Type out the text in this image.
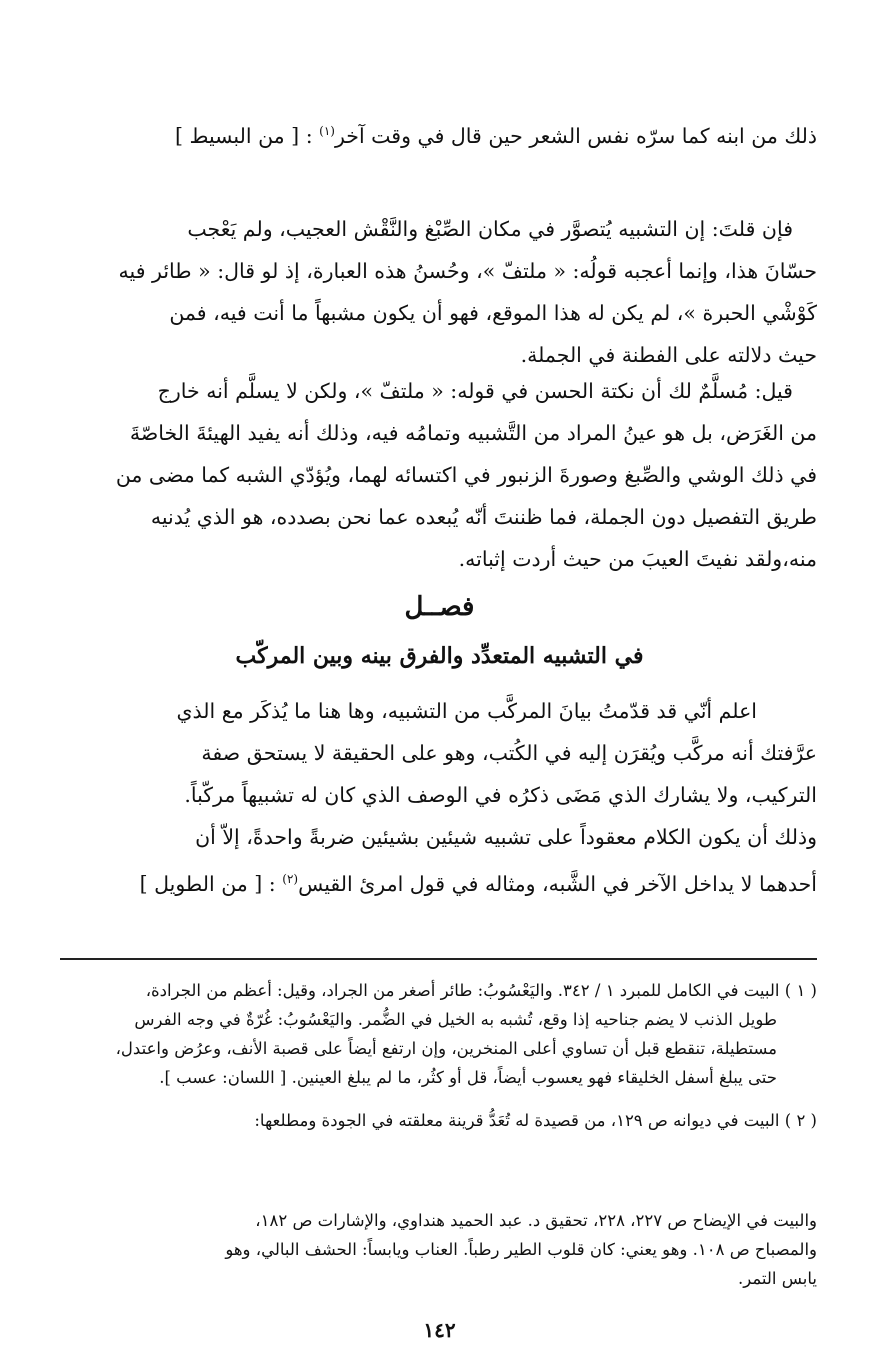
ذلك من ابنه كما سرّه نفس الشعر حين قال في وقت آخر$^{(١)}$ : [ من البسيط ]
فإن قلتَ: إن التشبيه يُتصوَّر في مكان الصِّبْغ والنَّقْش العجيب، ولم يَعْجب
حسّانَ هذا، وإنما أعجبه قولُه: « ملتفّ »، وحُسنُ هذه العبارة، إذ لو قال: « طائر فيه
كَوْشْي الحبرة »، لم يكن له هذا الموقع، فهو أن يكون مشبهاً ما أنت فيه، فمن
حيث دلالته على الفطنة في الجملة.
قيل: مُسلَّمٌ لك أن نكتة الحسن في قوله: « ملتفّ »، ولكن لا يسلَّم أنه خارج
من الغَرَض، بل هو عينُ المراد من التَّشبيه وتمامُه فيه، وذلك أنه يفيد الهيئةَ الخاصّةَ
في ذلك الوشي والصِّبغ وصورةَ الزنبور في اكتسائه لهما، ويُؤدّي الشبه كما مضى من
طريق التفصيل دون الجملة، فما ظننتَ أنّه يُبعده عما نحن بصدده، هو الذي يُدنيه
منه،ولقد نفيتَ العيبَ من حيث أردت إثباته.
فصــل
في التشبيه المتعدِّد والفرق بينه وبين المركّب
اعلم أنّي قد قدّمتُ بيانَ المركَّب من التشبيه، وها هنا ما يُذكَر مع الذي
عرَّفتك أنه مركَّب ويُقرَن إليه في الكُتب، وهو على الحقيقة لا يستحق صفة
التركيب، ولا يشارك الذي مَضَى ذكرُه في الوصف الذي كان له تشبيهاً مركّباً.
وذلك أن يكون الكلام معقوداً على تشبيه شيئين بشيئين ضربةً واحدةً، إلاّ أن
أحدهما لا يداخل الآخر في الشَّبه، ومثاله في قول امرئ القيس$^{(٢)}$ : [ من الطويل ]
( ١ ) البيت في الكامل للمبرد ١ / ٣٤٢. واليَعْسُوبُ: طائر أصغر من الجراد، وقيل: أعظم من الجرادة،
طويل الذنب لا يضم جناحيه إذا وقع، تُشبه به الخيل في الضُّمر. واليَعْسُوبُ: غُرّةٌ في وجه الفرس
مستطيلة، تنقطع قبل أن تساوي أعلى المنخرين، وإن ارتفع أيضاً على قصبة الأنف، وعرُض واعتدل،
حتى يبلغ أسفل الخليقاء فهو يعسوب أيضاً، قل أو كثُر، ما لم يبلغ العينين. [ اللسان: عسب ].
( ٢ ) البيت في ديوانه ص ١٢٩، من قصيدة له تُعَدُّ قرينة معلقته في الجودة ومطلعها:
والبيت في الإيضاح ص ٢٢٧، ٢٢٨، تحقيق د. عبد الحميد هنداوي، والإشارات ص ١٨٢،
والمصباح ص ١٠٨. وهو يعني: كان قلوب الطير رطباً. العناب ويابساً: الحشف البالي، وهو
يابس التمر.
١٤٢
